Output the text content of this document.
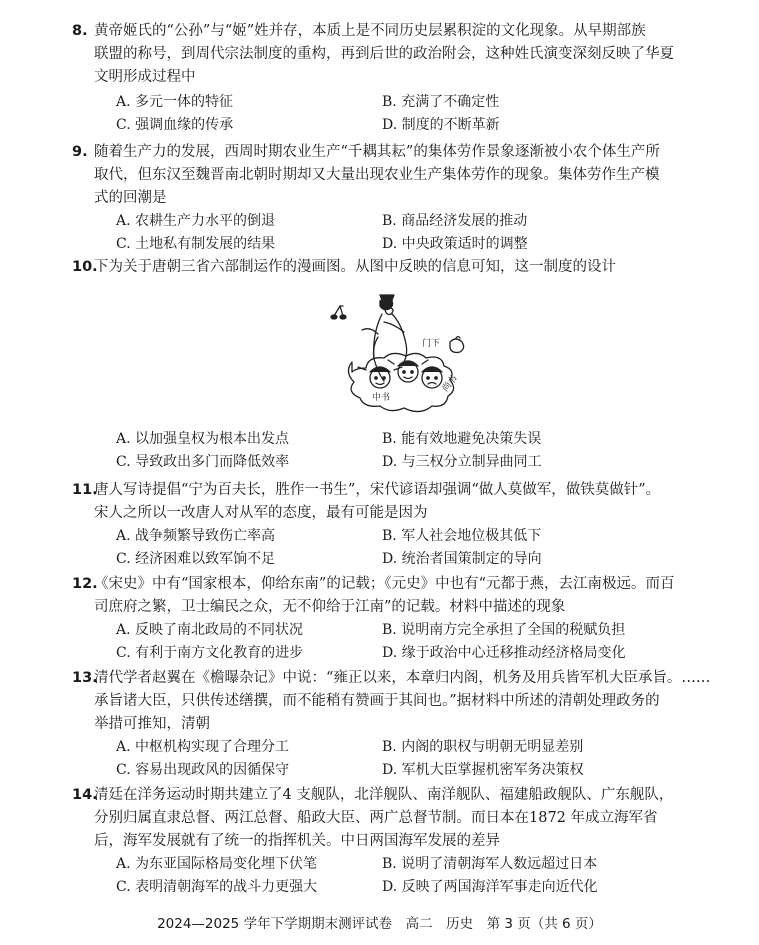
8. 黄帝姬氏的“公孙”与“姬”姓并存，本质上是不同历史层累积淀的文化现象。从早期部族
联盟的称号，到周代宗法制度的重构，再到后世的政治附会，这种姓氏演变深刻反映了华夏
文明形成过程中
A. 多元一体的特征	B. 充满了不确定性
C. 强调血缘的传承	D. 制度的不断革新
9. 随着生产力的发展，西周时期农业生产“千耦其耘”的集体劳作景象逐渐被小农个体生产所
取代，但东汉至魏晋南北朝时期却又大量出现农业生产集体劳作的现象。集体劳作生产模
式的回潮是
A. 农耕生产力水平的倒退	B. 商品经济发展的推动
C. 土地私有制发展的结果	D. 中央政策适时的调整
10.
下为关于唐朝三省六部制运作的漫画图。从图中反映的信息可知，这一制度的设计
A. 以加强皇权为根本出发点	B. 能有效地避免决策失误
C. 导致政出多门而降低效率	D. 与三权分立制异曲同工
门下
中书
尚书
11.
唐人写诗提倡“宁为百夫长，胜作一书生”，宋代谚语却强调“做人莫做军，做铁莫做针”。
宋人之所以一改唐人对从军的态度，最有可能是因为
A. 战争频繁导致伤亡率高	B. 军人社会地位极其低下
C. 经济困难以致军饷不足	D. 统治者国策制定的导向
12.
《宋史》中有“国家根本，仰给东南”的记载；《元史》中也有“元都于燕，去江南极远。而百
司庶府之繁，卫士编民之众，无不仰给于江南”的记载。材料中描述的现象
A. 反映了南北政局的不同状况	B. 说明南方完全承担了全国的税赋负担
C. 有利于南方文化教育的进步	D. 缘于政治中心迁移推动经济格局变化
13.
清代学者赵翼在《檐曝杂记》中说：“雍正以来，本章归内阁，机务及用兵皆军机大臣承旨。……
承旨诸大臣，只供传述缮撰，而不能稍有赞画于其间也。”据材料中所述的清朝处理政务的
举措可推知，清朝
A. 中枢机构实现了合理分工	B. 内阁的职权与明朝无明显差别
C. 容易出现政风的因循保守	D. 军机大臣掌握机密军务决策权
14.
清廷在洋务运动时期共建立了4 支舰队，北洋舰队、南洋舰队、福建船政舰队、广东舰队，
分别归属直隶总督、两江总督、船政大臣、两广总督节制。而日本在1872 年成立海军省
后，海军发展就有了统一的指挥机关。中日两国海军发展的差异
A. 为东亚国际格局变化埋下伏笔	B. 说明了清朝海军人数远超过日本
C. 表明清朝海军的战斗力更强大	D. 反映了两国海洋军事走向近代化
2024—2025 学年下学期期末测评试卷　高二　历史　第 3 页（共 6 页）
